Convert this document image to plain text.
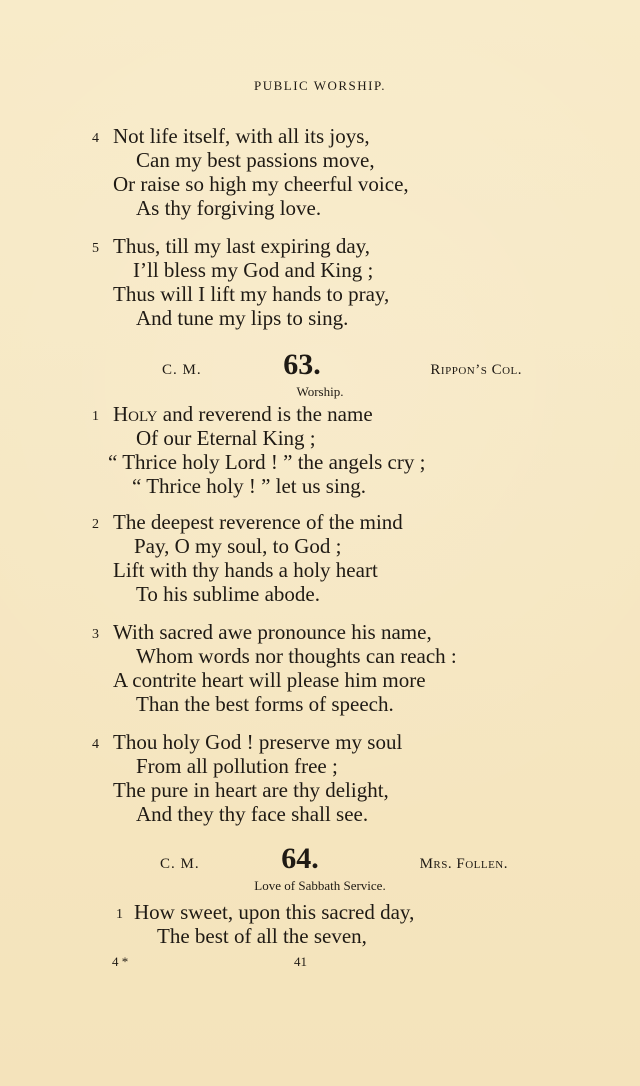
PUBLIC WORSHIP.
4 Not life itself, with all its joys,
Can my best passions move,
Or raise so high my cheerful voice,
As thy forgiving love.
5 Thus, till my last expiring day,
I’ll bless my God and King ;
Thus will I lift my hands to pray,
And tune my lips to sing.
C. M.	63.	Rippon’s Col.
Worship.
1 Holy and reverend is the name
Of our Eternal King ;
“ Thrice holy Lord ! ” the angels cry ;
“ Thrice holy ! ” let us sing.
2 The deepest reverence of the mind
Pay, O my soul, to God ;
Lift with thy hands a holy heart
To his sublime abode.
3 With sacred awe pronounce his name,
Whom words nor thoughts can reach :
A contrite heart will please him more
Than the best forms of speech.
4 Thou holy God ! preserve my soul
From all pollution free ;
The pure in heart are thy delight,
And they thy face shall see.
C. M.	64.	Mrs. Follen.
Love of Sabbath Service.
1 How sweet, upon this sacred day,
The best of all the seven,
4 *	41
